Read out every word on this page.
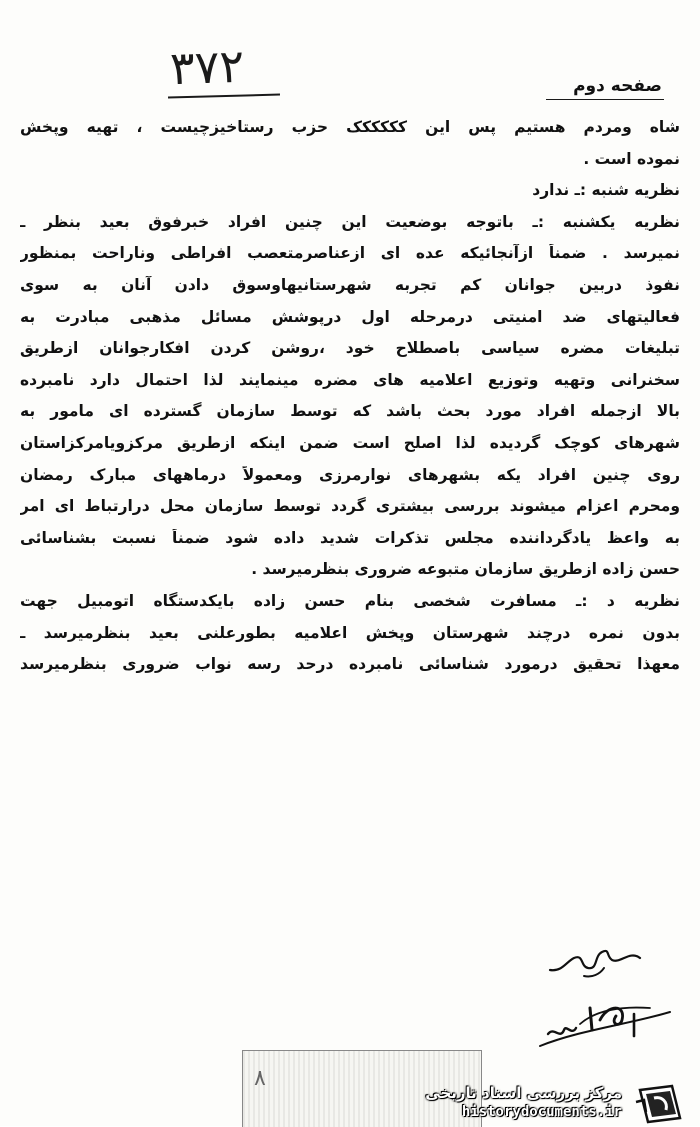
۳۷۲	صفحه دوم
شاه ومردم هستیم پس این کککککک حزب رستاخیزچیست ، تهیه وپخش
نموده است .
نظریه شنبه :ـ ندارد
نظریه یکشنبه :ـ باتوجه بوضعیت این چنین افراد خبرفوق بعید بنظر ـ
نمیرسد . ضمناً ازآنجائیکه عده ای ازعناصرمتعصب افراطی وناراحت بمنظور
نفوذ دربین جوانان کم تجربه شهرستانیهاوسوق دادن آنان به سوی
فعالیتهای ضد امنیتی درمرحله اول درپوشش مسائل مذهبی مبادرت به
تبلیغات مضره سیاسی باصطلاح خود ،روشن کردن افکارجوانان ازطریق
سخنرانی وتهیه وتوزیع اعلامیه های مضره مینمایند لذا احتمال دارد نامبرده
بالا ازجمله افراد مورد بحث باشد که توسط سازمان گسترده ای مامور به
شهرهای کوچک گردیده لذا اصلح است ضمن اینکه ازطریق مرکزویامرکزاستان
روی چنین افراد یکه بشهرهای نوارمرزی ومعمولاً درماههای مبارک رمضان
ومحرم اعزام میشوند بررسی بیشتری گردد توسط سازمان محل درارتباط ای امر
به واعظ یادگرداننده مجلس تذکرات شدید داده شود ضمناً نسبت بشناسائی
حسن زاده ازطریق سازمان متبوعه ضروری بنظرمیرسد .
نظریه د :ـ مسافرت شخصی بنام حسن زاده بایکدستگاه اتومبیل جهت
بدون نمره درچند شهرستان وپخش اعلامیه بطورعلنی بعید بنظرمیرسد ـ
معهذا تحقیق درمورد شناسائی نامبرده درحد رسه نواب ضروری بنظرمیرسد
٨
مرکز بررسی اسناد تاریخی
historydocuments.ir
